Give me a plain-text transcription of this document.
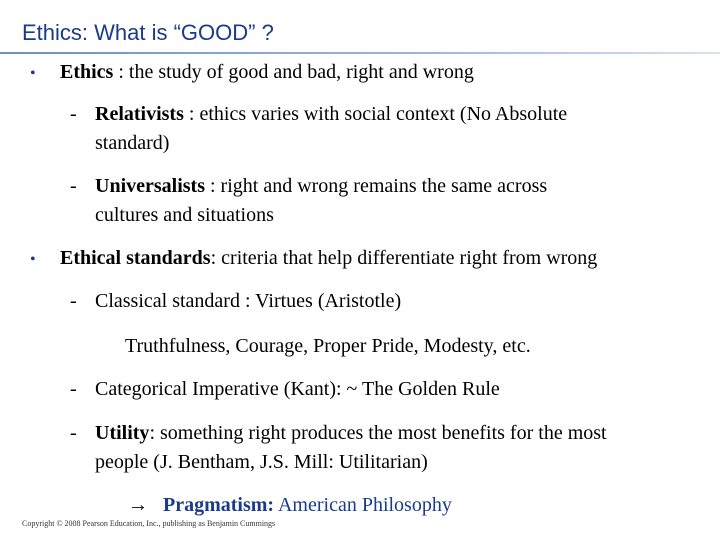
Ethics: What is “GOOD” ?
• Ethics : the study of good and bad, right and wrong
- Relativists : ethics varies with social context (No Absolute
standard)
- Universalists : right and wrong remains the same across
cultures and situations
• Ethical standards: criteria that help differentiate right from wrong
- Classical standard : Virtues (Aristotle)
Truthfulness, Courage, Proper Pride, Modesty, etc.
- Categorical Imperative (Kant): ~ The Golden Rule
- Utility: something right produces the most benefits for the most
people (J. Bentham, J.S. Mill: Utilitarian)
→ Pragmatism: American Philosophy
Copyright © 2008 Pearson Education, Inc., publishing as Benjamin Cummings
